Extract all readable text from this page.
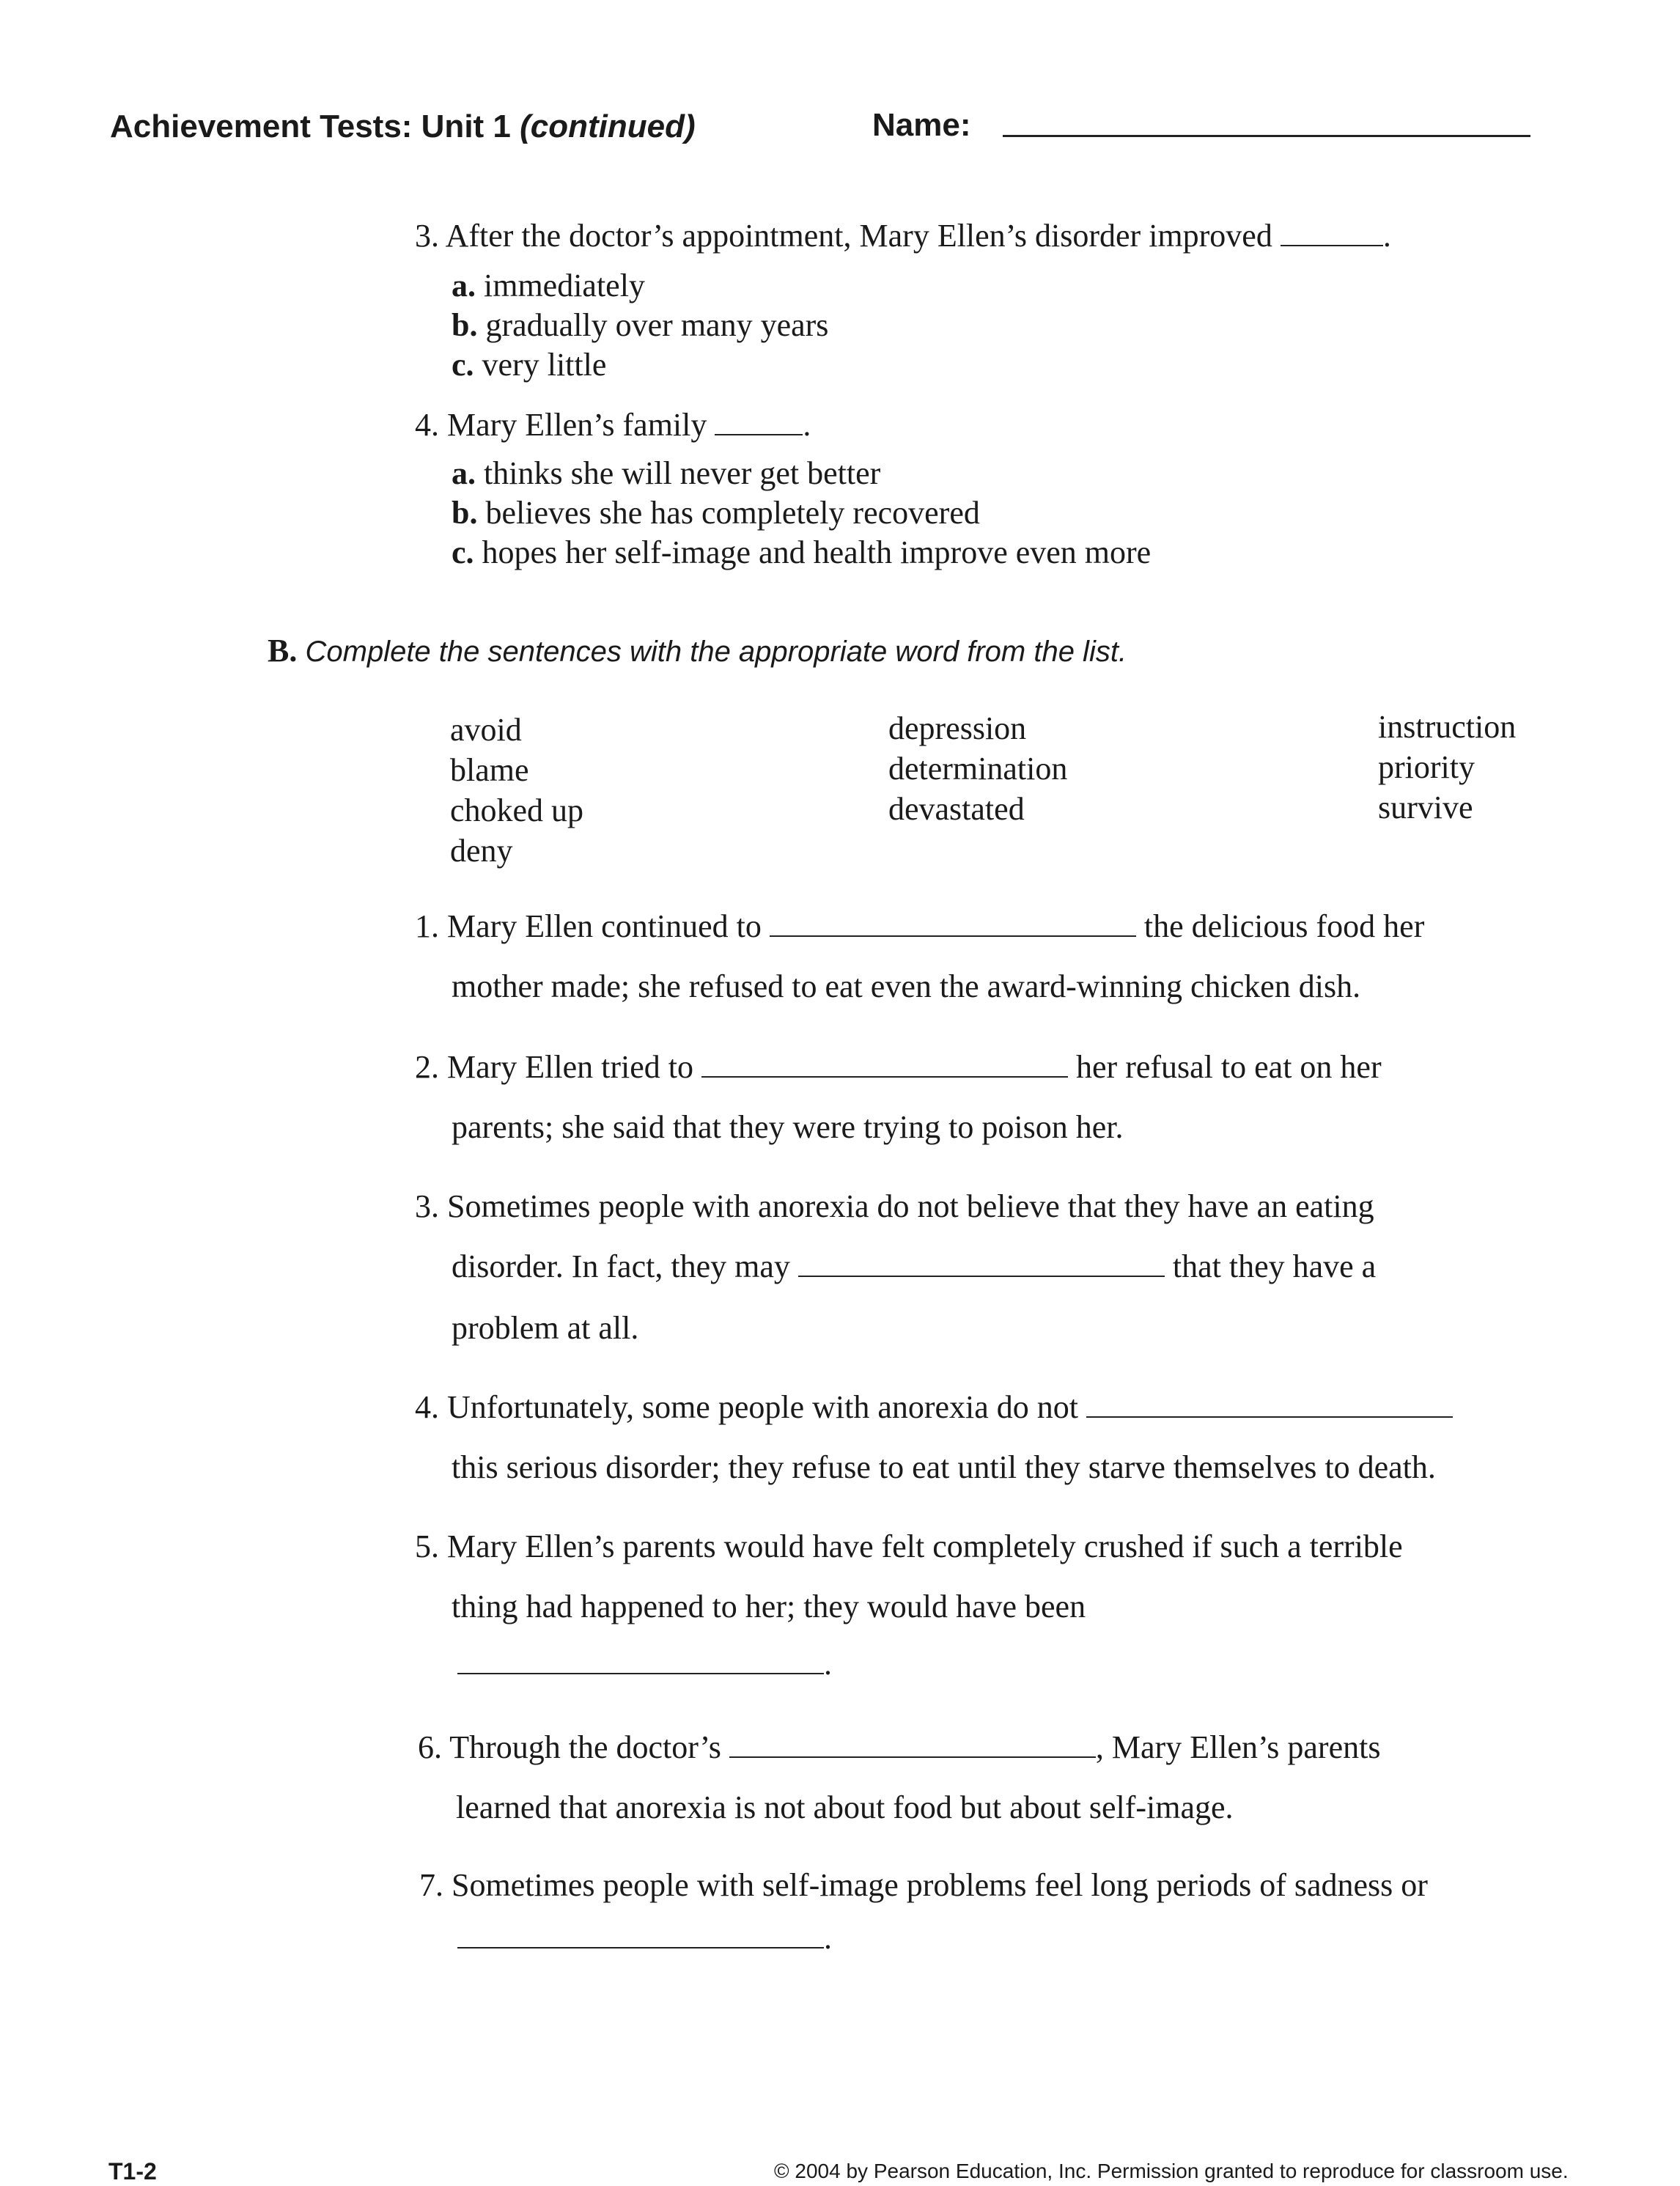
Achievement Tests: Unit 1 (continued)	Name:
3. After the doctor’s appointment, Mary Ellen’s disorder improved	.
a. immediately
b. gradually over many years
c. very little
4. Mary Ellen’s family	.
a. thinks she will never get better
b. believes she has completely recovered
c. hopes her self-image and health improve even more
B. Complete the sentences with the appropriate word from the list.
avoid
blame
choked up
deny
depression
determination
devastated
instruction
priority
survive
1. Mary Ellen continued to	the delicious food her
mother made; she refused to eat even the award-winning chicken dish.
2. Mary Ellen tried to	her refusal to eat on her
parents; she said that they were trying to poison her.
3. Sometimes people with anorexia do not believe that they have an eating
disorder. In fact, they may	that they have a
problem at all.
4. Unfortunately, some people with anorexia do not
this serious disorder; they refuse to eat until they starve themselves to death.
5. Mary Ellen’s parents would have felt completely crushed if such a terrible
thing had happened to her; they would have been
.
6. Through the doctor’s	, Mary Ellen’s parents
learned that anorexia is not about food but about self-image.
7. Sometimes people with self-image problems feel long periods of sadness or
.
T1-2	© 2004 by Pearson Education, Inc. Permission granted to reproduce for classroom use.
